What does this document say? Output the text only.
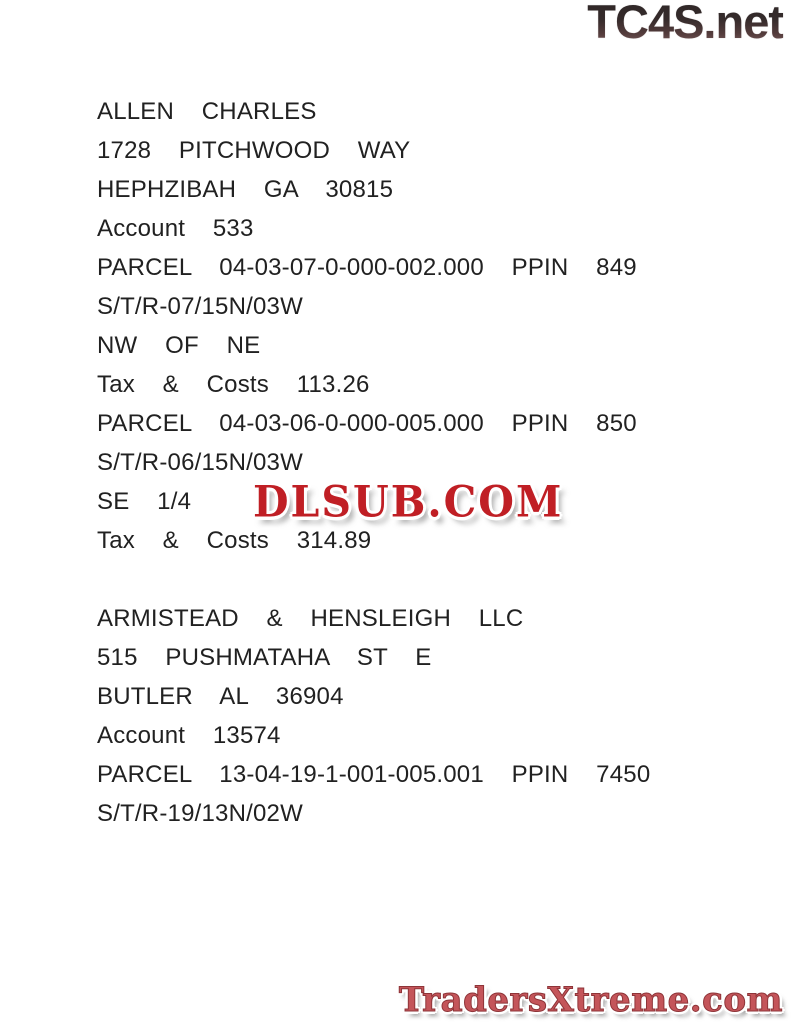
TC4S.net
ALLEN  CHARLES
1728  PITCHWOOD  WAY
HEPHZIBAH  GA  30815
Account  533
PARCEL  04-03-07-0-000-002.000  PPIN  849
S/T/R-07/15N/03W
NW  OF  NE
Tax  &  Costs  113.26
PARCEL  04-03-06-0-000-005.000  PPIN  850
S/T/R-06/15N/03W
SE  1/4
Tax  &  Costs  314.89
ARMISTEAD  &  HENSLEIGH  LLC
515  PUSHMATAHA  ST  E
BUTLER  AL  36904
Account  13574
PARCEL  13-04-19-1-001-005.001  PPIN  7450
S/T/R-19/13N/02W
DLSUB.COM
TradersXtreme.com
